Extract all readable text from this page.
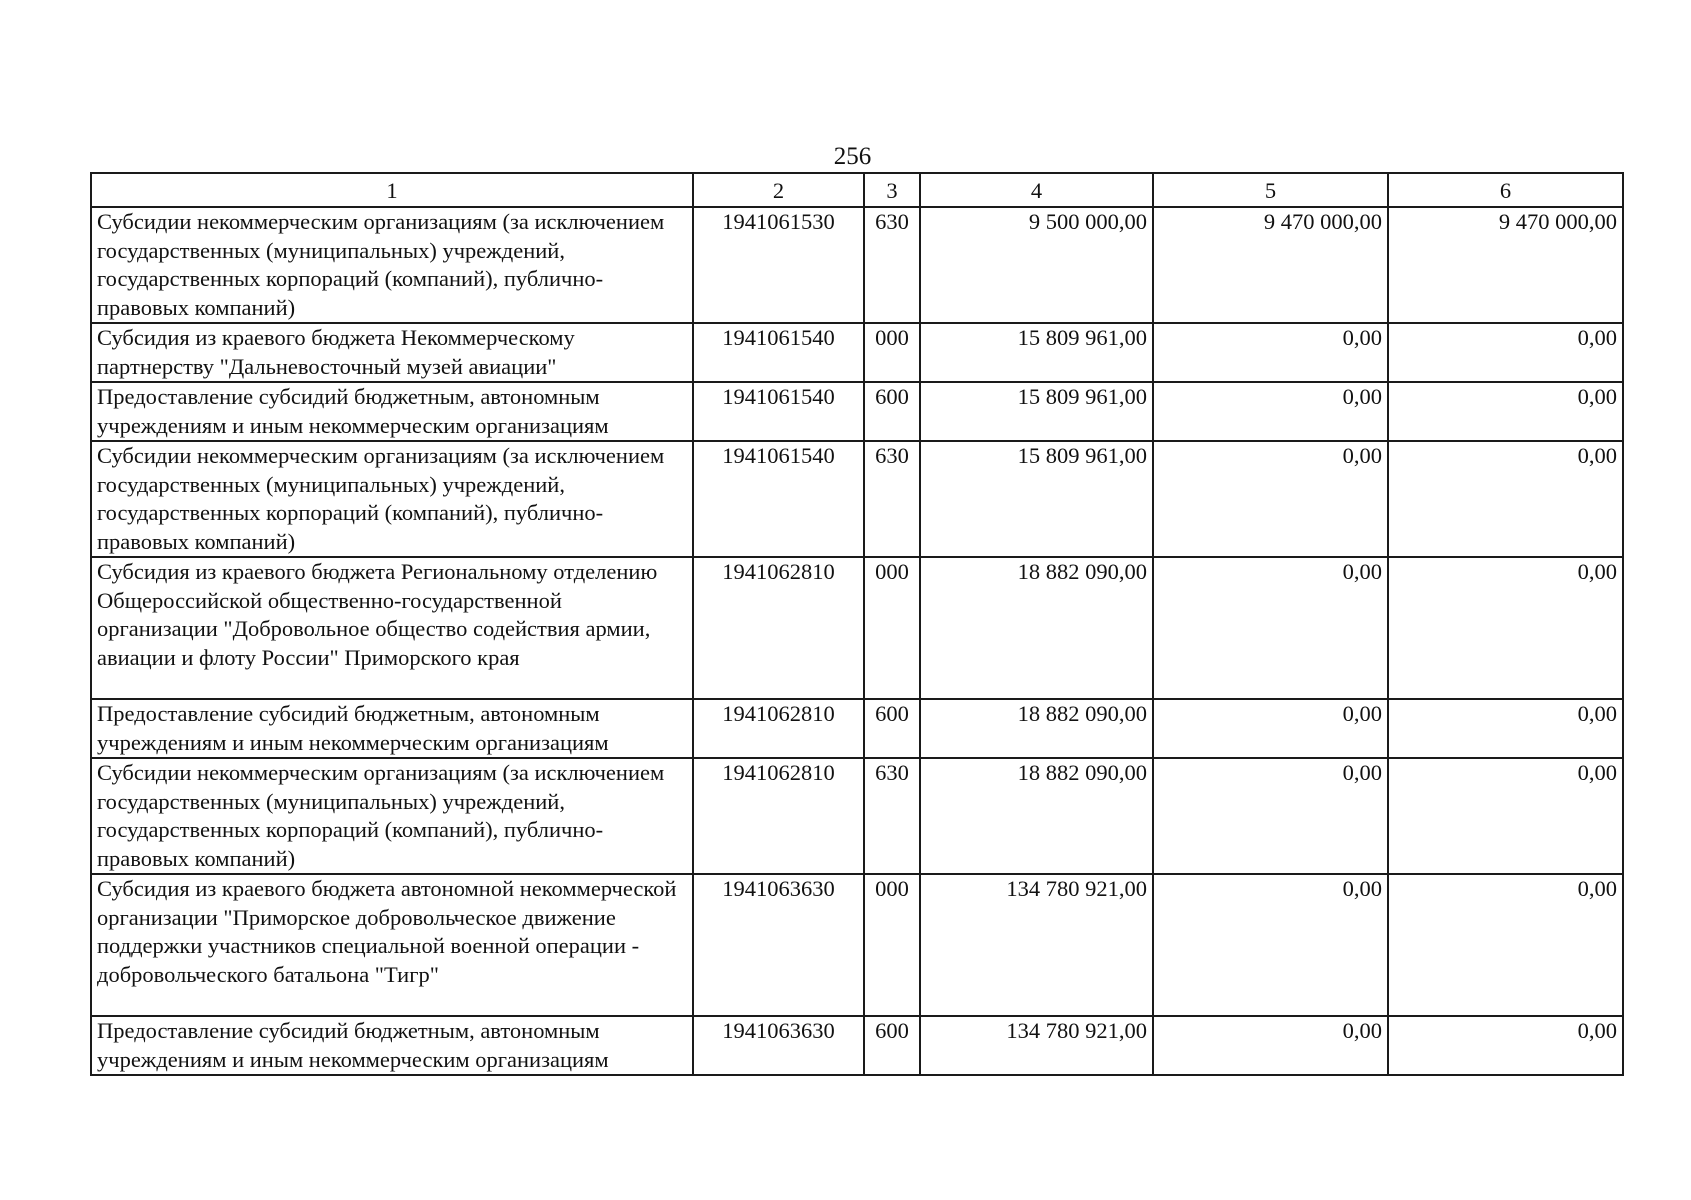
256
1	2	3	4	5	6
Субсидии некоммерческим организациям (за исключением государственных (муниципальных) учреждений, государственных корпораций (компаний), публично-правовых компаний)	1941061530	630	9 500 000,00	9 470 000,00	9 470 000,00
Субсидия из краевого бюджета Некоммерческому партнерству "Дальневосточный музей авиации"	1941061540	000	15 809 961,00	0,00	0,00
Предоставление субсидий бюджетным, автономным учреждениям и иным некоммерческим организациям	1941061540	600	15 809 961,00	0,00	0,00
Субсидии некоммерческим организациям (за исключением государственных (муниципальных) учреждений, государственных корпораций (компаний), публично-правовых компаний)	1941061540	630	15 809 961,00	0,00	0,00
Субсидия из краевого бюджета Региональному отделению Общероссийской общественно-государственной организации "Добровольное общество содействия армии, авиации и флоту России" Приморского края	1941062810	000	18 882 090,00	0,00	0,00
Предоставление субсидий бюджетным, автономным учреждениям и иным некоммерческим организациям	1941062810	600	18 882 090,00	0,00	0,00
Субсидии некоммерческим организациям (за исключением государственных (муниципальных) учреждений, государственных корпораций (компаний), публично-правовых компаний)	1941062810	630	18 882 090,00	0,00	0,00
Субсидия из краевого бюджета автономной некоммерческой организации "Приморское добровольческое движение поддержки участников специальной военной операции - добровольческого батальона "Тигр"	1941063630	000	134 780 921,00	0,00	0,00
Предоставление субсидий бюджетным, автономным учреждениям и иным некоммерческим организациям	1941063630	600	134 780 921,00	0,00	0,00
